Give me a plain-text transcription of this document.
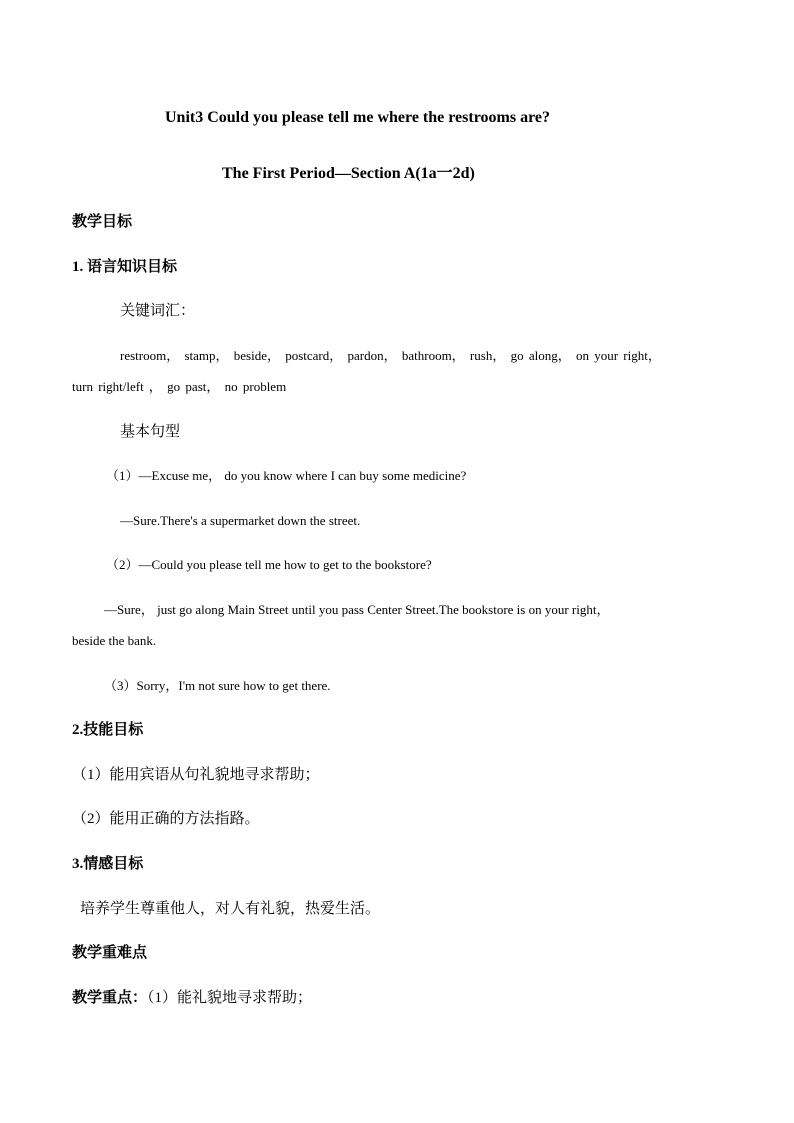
Unit3 Could you please tell me where the restrooms are?
The First Period—Section A(1a一2d)
教学目标
1. 语言知识目标
关键词汇：
restroom， stamp， beside， postcard， pardon， bathroom， rush， go along， on your right，
turn right/left ， go past， no problem
基本句型
（1）—Excuse me， do you know where I can buy some medicine?
—Sure.There's a supermarket down the street.
（2）—Could you please tell me how to get to the bookstore?
—Sure， just go along Main Street until you pass Center Street.The bookstore is on your right，
beside the bank.
（3）Sorry，I'm not sure how to get there.
2.技能目标
（1）能用宾语从句礼貌地寻求帮助；
（2）能用正确的方法指路。
3.情感目标
培养学生尊重他人，对人有礼貌，热爱生活。
教学重难点
教学重点：（1）能礼貌地寻求帮助；
